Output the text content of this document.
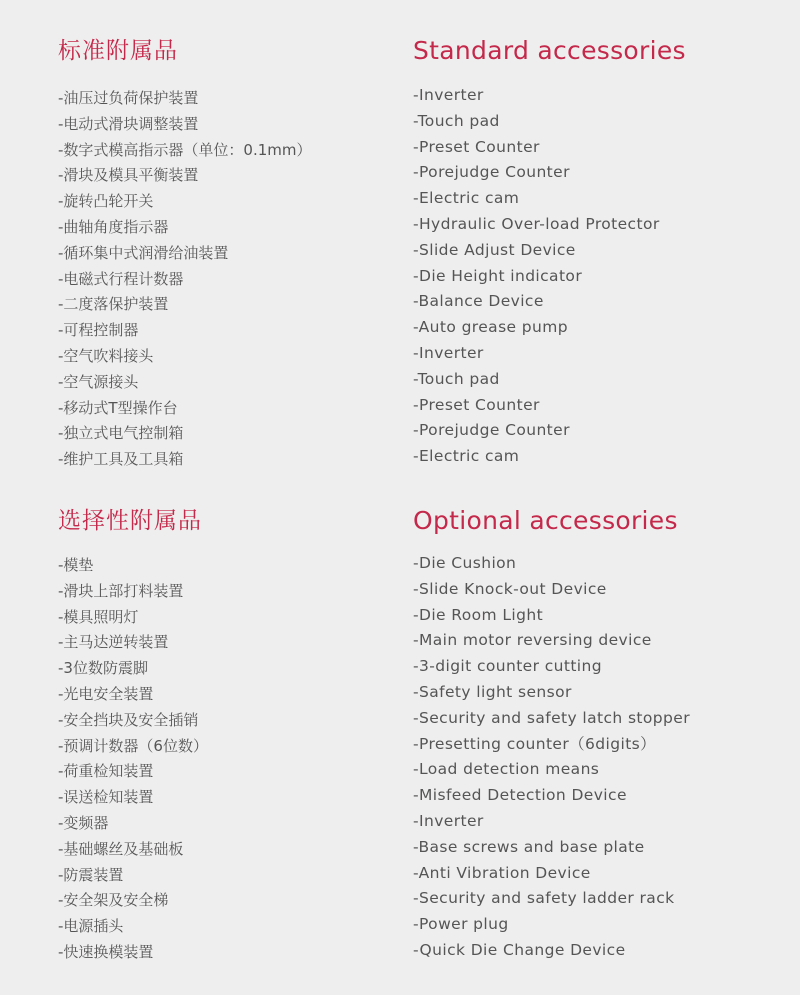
标准附属品
-油压过负荷保护装置
-电动式滑块调整装置
-数字式模高指示器（单位：0.1mm）
-滑块及模具平衡装置
-旋转凸轮开关
-曲轴角度指示器
-循环集中式润滑给油装置
-电磁式行程计数器
-二度落保护装置
-可程控制器
-空气吹料接头
-空气源接头
-移动式T型操作台
-独立式电气控制箱
-维护工具及工具箱
Standard accessories
-Inverter
-Touch pad
-Preset Counter
-Porejudge Counter
-Electric cam
-Hydraulic Over-load Protector
-Slide Adjust Device
-Die Height indicator
-Balance Device
-Auto grease pump
-Inverter
-Touch pad
-Preset Counter
-Porejudge Counter
-Electric cam
选择性附属品
-模垫
-滑块上部打料装置
-模具照明灯
-主马达逆转装置
-3位数防震脚
-光电安全装置
-安全挡块及安全插销
-预调计数器（6位数）
-荷重检知装置
-误送检知装置
-变频器
-基础螺丝及基础板
-防震装置
-安全架及安全梯
-电源插头
-快速换模装置
Optional accessories
-Die Cushion
-Slide Knock-out Device
-Die Room Light
-Main motor reversing device
-3-digit counter cutting
-Safety light sensor
-Security and safety latch stopper
-Presetting counter（6digits）
-Load detection means
-Misfeed Detection Device
-Inverter
-Base screws and base plate
-Anti Vibration Device
-Security and safety ladder rack
-Power plug
-Quick Die Change Device
